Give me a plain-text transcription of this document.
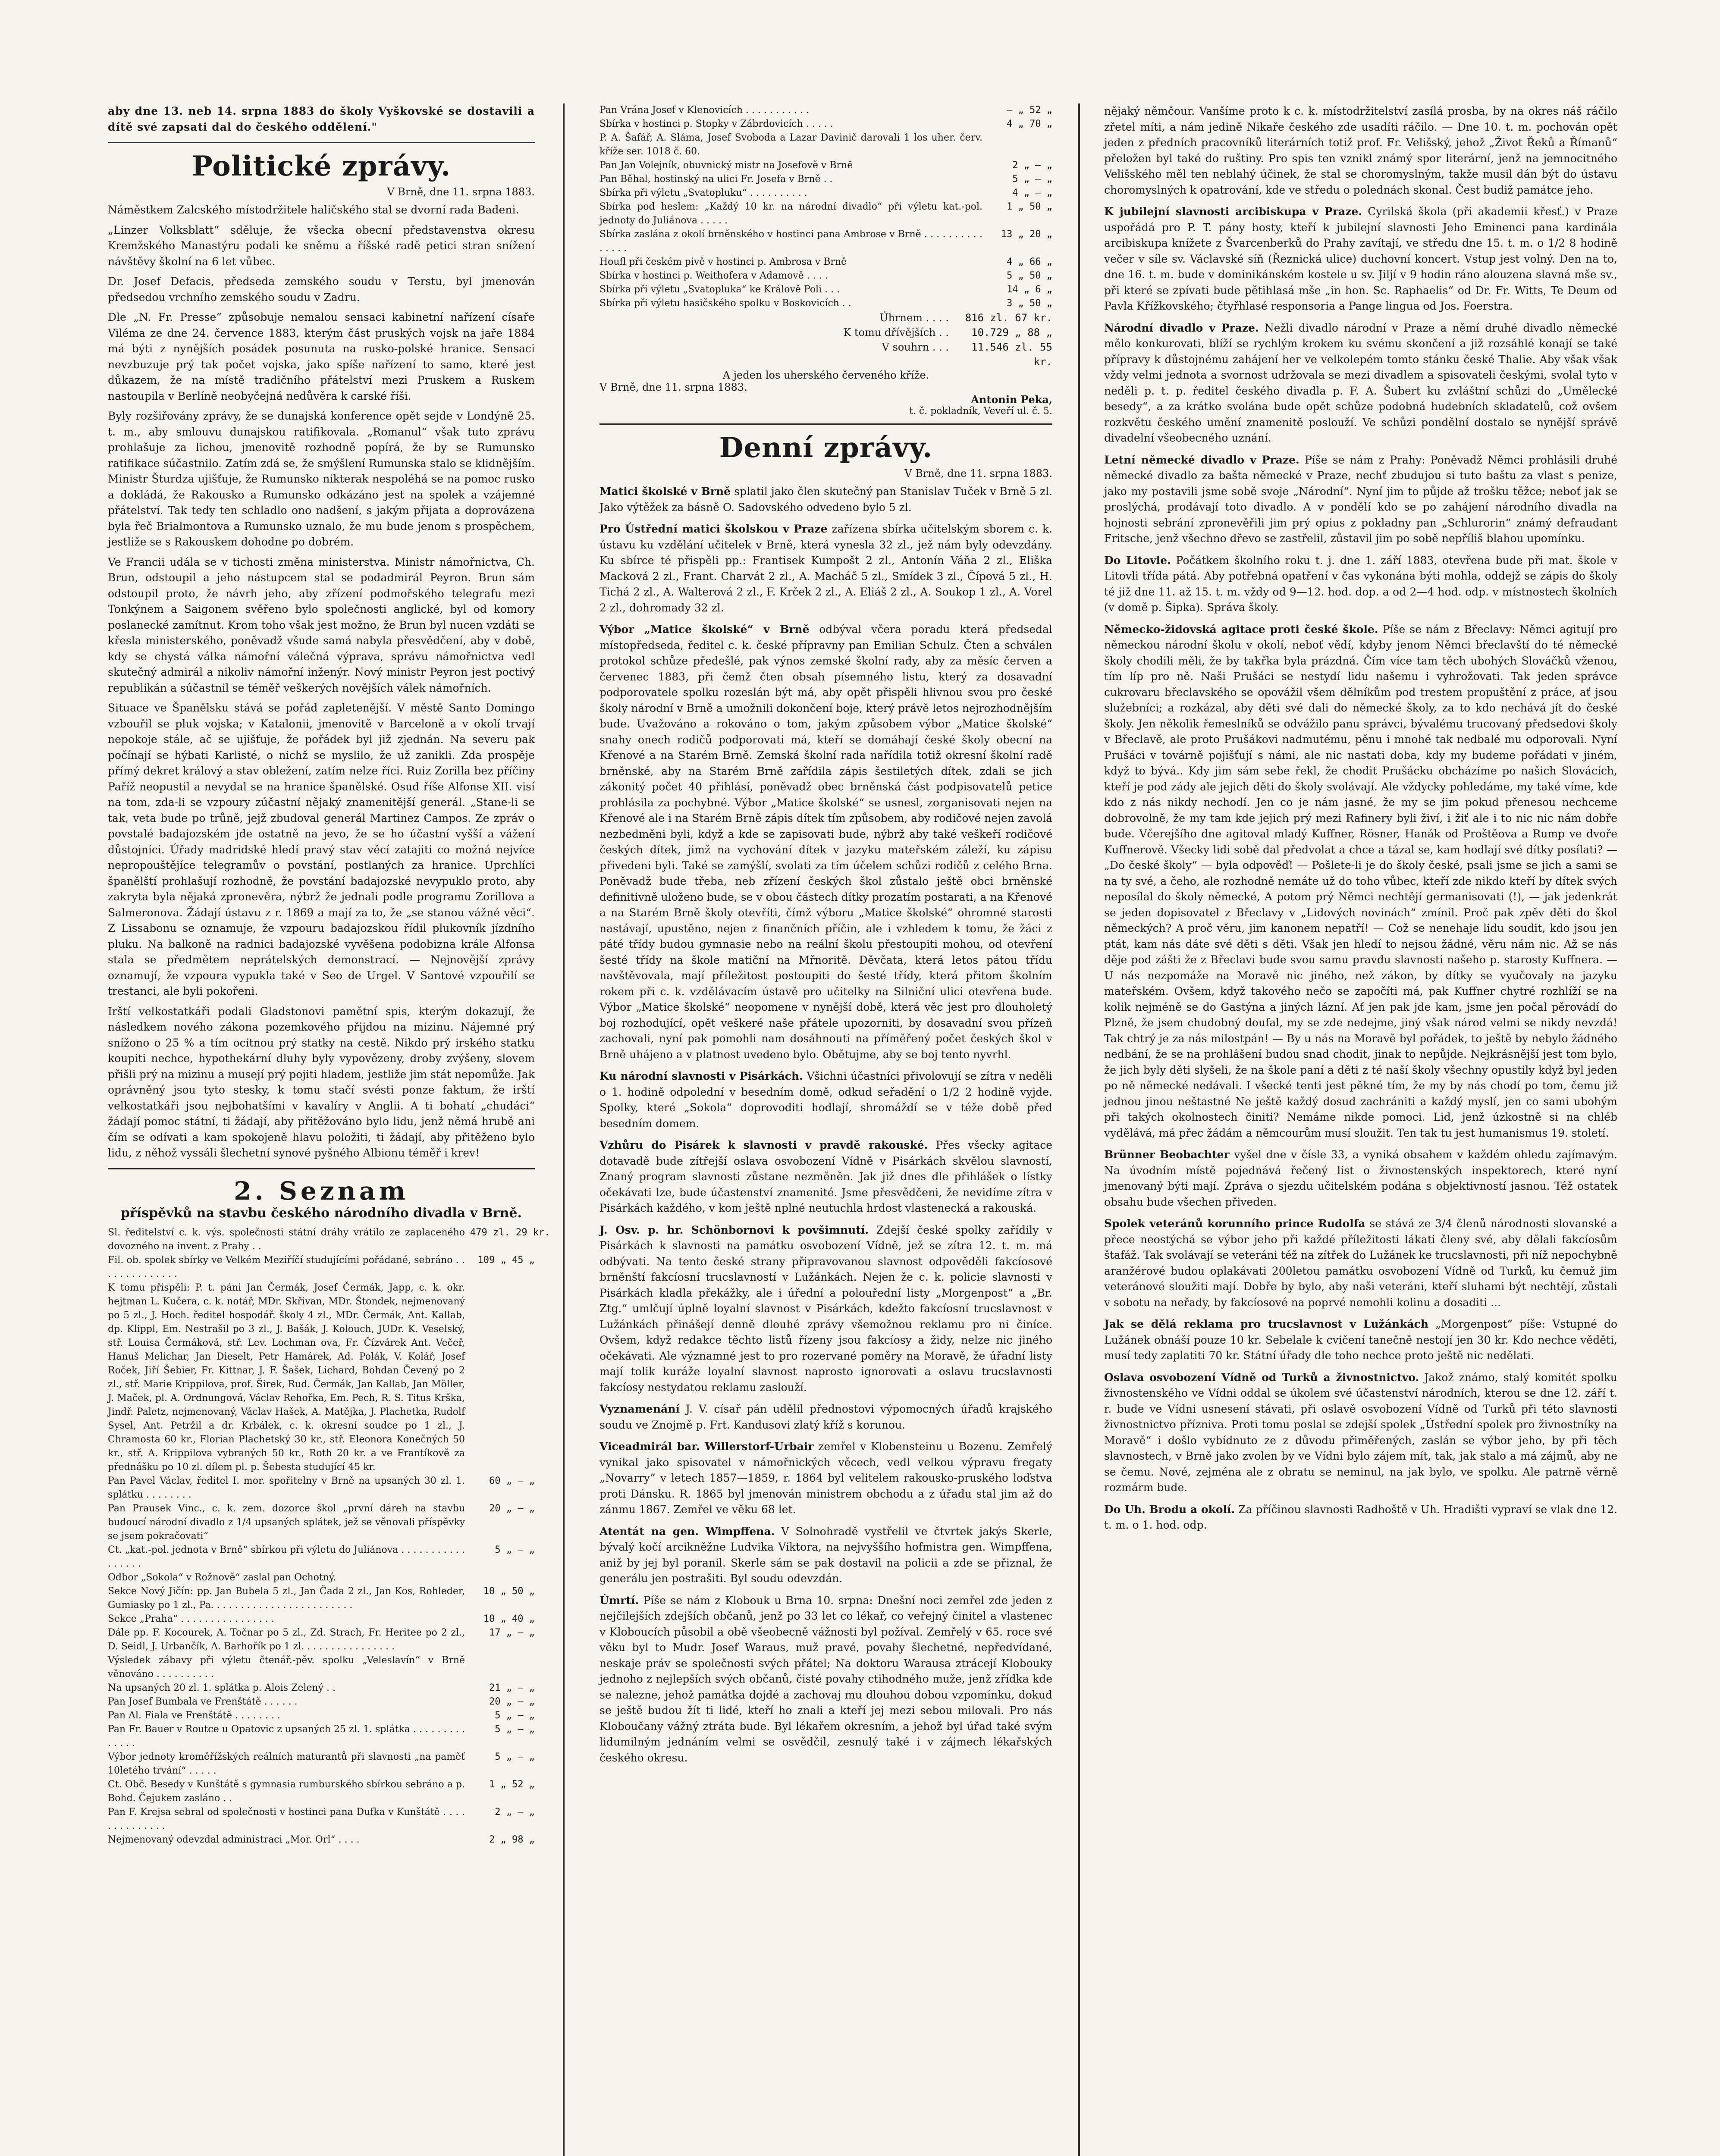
aby dne 13. neb 14. srpna 1883 do školy Vyškovské se dostavili a dítě své zapsati dal do českého oddělení."

Politické zprávy.
V Brně, dne 11. srpna 1883.

Náměstkem Zalcského místodržitele haličského stal se dvorní rada Badeni.

„Linzer Volksblatt“ sděluje, že všecka obecní představenstva okresu Kremžského Manastýru podali ke sněmu a říšské radě petici stran snížení návštěvy školní na 6 let vůbec.

Dr. Josef Defacis, předseda zemského soudu v Terstu, byl jmenován předsedou vrchního zemského soudu v Zadru.

Dle „N. Fr. Presse“ způsobuje nemalou sensaci kabinetní nařízení císaře Viléma ze dne 24. července 1883, kterým část pruských vojsk na jaře 1884 má býti z nynějších posádek posunuta na rusko-polské hranice. Sensaci nevzbuzuje prý tak počet vojska, jako spíše nařízení to samo, které jest důkazem, že na místě tradičního přátelství mezi Pruskem a Ruskem nastoupila v Berlíně neobyčejná nedůvěra k carské říši.

Byly rozšiřovány zprávy, že se dunajská konference opět sejde v Londýně 25. t. m., aby smlouvu dunajskou ratifikovala. „Romanul“ však tuto zprávu prohlašuje za lichou, jmenovitě rozhodně popírá, že by se Rumunsko ratifikace súčastnilo. Zatím zdá se, že smýšlení Rumunska stalo se klidnějším. Ministr Šturdza ujišťuje, že Rumunsko nikterak nespoléhá se na pomoc rusko a dokládá, že Rakousko a Rumunsko odkázáno jest na spolek a vzájemné přátelství. Tak tedy ten schladlo ono nadšení, s jakým přijata a doprovázena byla řeč Brialmontova a Rumunsko uznalo, že mu bude jenom s prospěchem, jestliže se s Rakouskem dohodne po dobrém.

Ve Francii udála se v tichosti změna ministerstva. Ministr námořnictva, Ch. Brun, odstoupil a jeho nástupcem stal se podadmirál Peyron. Brun sám odstoupil proto, že návrh jeho, aby zřízení podmořského telegrafu mezi Tonkýnem a Saigonem svěřeno bylo společnosti anglické, byl od komory poslanecké zamítnut. Krom toho však jest možno, že Brun byl nucen vzdáti se křesla ministerského, poněvadž všude samá nabyla přesvědčení, aby v době, kdy se chystá válka námořní válečná výprava, správu námořnictva vedl skutečný admirál a nikoliv námořní inženýr. Nový ministr Peyron jest poctivý republikán a súčastnil se téměř veškerých novějších válek námořních.

Situace ve Španělsku stává se pořád zapletenější. V městě Santo Domingo vzbouřil se pluk vojska; v Katalonii, jmenovitě v Barceloně a v okolí trvají nepokoje stále, ač se ujišťuje, že pořádek byl již zjednán. Na severu pak počínají se hýbati Karlisté, o nichž se myslilo, že už zanikli. Zda prospěje přímý dekret králový a stav obležení, zatím nelze říci. Ruiz Zorilla bez příčiny Paříž neopustil a nevydal se na hranice španělské. Osud říše Alfonse XII. visí na tom, zda-li se vzpoury zúčastní nějaký znamenitější generál. „Stane-li se tak, veta bude po trůně, jejž zbudoval generál Martinez Campos. Ze zpráv o povstalé badajozském jde ostatně na jevo, že se ho účastní vyšší a vážení důstojníci. Úřady madridské hledí pravý stav věcí zatajiti co možná nejvíce nepropouštějíce telegramův o povstání, postlaných za hranice. Uprchlíci španělští prohlašují rozhodně, že povstání badajozské nevypuklo proto, aby zakryta byla nějaká zpronevěra, nýbrž že jednali podle programu Zorillova a Salmeronova. Žádají ústavu z r. 1869 a mají za to, že „se stanou vážné věci“. Z Lissabonu se oznamuje, že vzpouru badajozskou řídil plukovník jízdního pluku. Na balkoně na radnici badajozské vyvěšena podobizna krále Alfonsa stala se předmětem neprátelských demonstrací. — Nejnovější zprávy oznamují, že vzpoura vypukla také v Seo de Urgel. V Santové vzpouřilí se trestanci, ale byli pokořeni.

Irští velkostatkáři podali Gladstonovi pamětní spis, kterým dokazují, že následkem nového zákona pozemkového přijdou na mizinu. Nájemné prý snížono o 25 % a tím ocitnou prý statky na cestě. Nikdo prý irského statku koupiti nechce, hypothekární dluhy byly vypovězeny, droby zvýšeny, slovem přišli prý na mizinu a musejí prý pojiti hladem, jestliže jim stát nepomůže. Jak oprávněný jsou tyto stesky, k tomu stačí svésti ponze faktum, že irští velkostatkáři jsou nejbohatšími v kavalíry v Anglii. A ti bohatí „chudáci“ žádají pomoc státní, ti žádají, aby přitěžováno bylo lidu, jenž němá hrubě ani čím se odívati a kam spokojeně hlavu položiti, ti žádají, aby přitěženo bylo lidu, z něhož vyssáli šlechetní synové pyšného Albionu téměř i krev!

2. Seznam
příspěvků na stavbu českého národního divadla v Brně.
Sl. ředitelství c. k. výs. společnosti státní dráhy vrátilo ze zaplaceného dovozného na invent. z Prahy . .
479 zl. 29 kr.
Fil. ob. spolek sbírky ve Velkém Meziříčí studujícími pořádané, sebráno . . . . . . . . . . . . . .
109 „ 45 „
K tomu přispěli: P. t. páni Jan Čermák, Josef Čermák, Japp, c. k. okr. hejtman L. Kučera, c. k. notář, MDr. Skřivan, MDr. Štondek, nejmenovaný po 5 zl., J. Hoch. ředitel hospodář. školy 4 zl., MDr. Čermák, Ant. Kallab, dp. Klippl, Em. Nestrašil po 3 zl., J. Bašák, J. Kolouch, JUDr. K. Veselský, stř. Louisa Čermáková, stř. Lev. Lochman ova, Fr. Čízvárek Ant. Večeř, Hanuš Melichar, Jan Dieselt, Petr Hamárek, Ad. Polák, V. Kolář, Josef Roček, Jiří Šebier, Fr. Kittnar, J. F. Šašek, Lichard, Bohdan Čevený po 2 zl., stř. Marie Krippilova, prof. Širek, Rud. Čermák, Jan Kallab, Jan Möller, J. Maček, pl. A. Ordnungová, Václav Rehořka, Em. Pech, R. S. Titus Krška, Jindř. Paletz, nejmenovaný, Václav Hašek, A. Matějka, J. Plachetka, Rudolf Sysel, Ant. Petržil a dr. Krbálek, c. k. okresní soudce po 1 zl., J. Chramosta 60 kr., Florian Plachetský 30 kr., stř. Eleonora Konečných 50 kr., stř. A. Krippilova vybraných 50 kr., Roth 20 kr. a ve Frantíkově za přednášku po 10 zl. dílem pl. p. Šebesta studující 45 kr.
Pan Pavel Václav, ředitel I. mor. spořitelny v Brně na upsaných 30 zl. 1. splátku . . . . . . . .
60 „ — „
Pan Prausek Vinc., c. k. zem. dozorce škol „první dáreh na stavbu budoucí národní divadlo z 1/4 upsaných splátek, jež se věnovali příspěvky se jsem pokračovati“
20 „ — „
Ct. „kat.-pol. jednota v Brně“ sbírkou při výletu do Juliánova . . . . . . . . . . . . . . . . .
5 „ — „
Odbor „Sokola“ v Rožnově“ zaslal pan Ochotný.
Sekce Nový Jičín: pp. Jan Bubela 5 zl., Jan Čada 2 zl., Jan Kos, Rohleder, Gumiasky po 1 zl., Pa. . . . . . . . . . . . . . . . . . . . . . . .
10 „ 50 „
Sekce „Praha“ . . . . . . . . . . . . . . . .	10 „ 40 „
Dále pp. F. Kocourek, A. Točnar po 5 zl., Zd. Strach, Fr. Heritee po 2 zl., D. Seidl, J. Urbančík, A. Barhořík po 1 zl. . . . . . . . . . . . . . . .
17 „ — „
Výsledek zábavy při výletu čtenář.-pěv. spolku „Veleslavín“ v Brně věnováno . . . . . . . . . .
Na upsaných 20 zl. 1. splátka p. Alois Zelený . .	21 „ — „
Pan Josef Bumbala ve Frenštátě . . . . . .	20 „ — „
Pan Al. Fiala ve Frenštátě . . . . . . . .	5 „ — „
Pan Fr. Bauer v Routce u Opatovic z upsaných 25 zl. 1. splátka . . . . . . . . . . . . . .
5 „ — „
Výbor jednoty kroměřížských reálních maturantů při slavnosti „na paměť 10letého trvání“ . . . . .
5 „ — „
Ct. Obč. Besedy v Kunštátě s gymnasia rumburského sbírkou sebráno a p. Bohd. Čejukem zasláno . .
1 „ 52 „
Pan F. Krejsa sebral od společnosti v hostinci pana Dufka v Kunštátě . . . . . . . . . . . . . .
2 „ — „
Nejmenovaný odevzdal administraci „Mor. Orl“ . . . .	2 „ 98 „
Pan Vrána Josef v Klenovicích . . . . . . . . . . .	— „ 52 „
Sbírka v hostinci p. Stopky v Zábrdovicích . . . . .	4 „ 70 „
P. A. Šafář, A. Sláma, Josef Svoboda a Lazar Davinič darovali 1 los uher. červ. kříže ser. 1018 č. 60.
Pan Jan Volejník, obuvnický mistr na Josefově v Brně	2 „ — „
Pan Běhal, hostinský na ulici Fr. Josefa v Brně . .	5 „ — „
Sbírka při výletu „Svatopluku“ . . . . . . . . . .	4 „ — „
Sbírka pod heslem: „Každý 10 kr. na národní divadlo“ při výletu kat.-pol. jednoty do Juliánova . . . . .
1 „ 50 „
Sbírka zaslána z okolí brněnského v hostinci pana Ambrose v Brně . . . . . . . . . . . . . . .
13 „ 20 „
Houfl při českém pivě v hostinci p. Ambrosa v Brně	4 „ 66 „
Sbírka v hostinci p. Weithofera v Adamově . . . .	5 „ 50 „
Sbírka při výletu „Svatopluka“ ke Králově Poli . . .	14 „ 6 „
Sbírka při výletu hasičského spolku v Boskovicích . .	3 „ 50 „
Úhrnem . . . .	816 zl. 67 kr.
K tomu dřívějších . .	10.729 „ 88 „
V souhrn . . .	11.546 zl. 55 kr.
A jeden los uherského červeného kříže.
V Brně, dne 11. srpna 1883.
Antonin Peka,
t. č. pokladník, Veveří ul. č. 5.
Denní zprávy.
V Brně, dne 11. srpna 1883.
Matici školské v Brně splatil jako člen skutečný pan Stanislav Tuček v Brně 5 zl. Jako výtěžek za básně O. Sadovského odvedeno bylo 5 zl.
Pro Ústřední matici školskou v Praze zařízena sbírka učitelským sborem c. k. ústavu ku vzdělání učitelek v Brně, která vynesla 32 zl., jež nám byly odevzdány. Ku sbírce té přispěli pp.: Frantisek Kumpošt 2 zl., Antonín Váňa 2 zl., Eliška Macková 2 zl., Frant. Charvát 2 zl., A. Macháč 5 zl., Smídek 3 zl., Čípová 5 zl., H. Tichá 2 zl., A. Walterová 2 zl., F. Krček 2 zl., A. Eliáš 2 zl., A. Soukop 1 zl., A. Vorel 2 zl., dohromady 32 zl.
Výbor „Matice školské“ v Brně odbýval včera poradu která předsedal místopředseda, ředitel c. k. české přípravny pan Emilian Schulz. Čten a schválen protokol schůze předešlé, pak výnos zemské školní rady, aby za měsíc červen a červenec 1883, při čemž čten obsah písemného listu, který za dosavadní podporovatele spolku rozeslán být má, aby opět přispěli hlivnou svou pro české školy národní v Brně a umožnili dokončení boje, který právě letos nejrozhodnějším bude. Uvažováno a rokováno o tom, jakým způsobem výbor „Matice školské“ snahy onech rodičů podporovati má, kteří se domáhají české školy obecní na Křenové a na Starém Brně. Zemská školní rada nařídila totiž okresní školní radě brněnské, aby na Starém Brně zařídila zápis šestiletých dítek, zdali se jich zákonitý počet 40 přihlásí, poněvadž obec brněnská část podpisovatelů petice prohlásila za pochybné. Výbor „Matice školské“ se usnesl, zorganisovati nejen na Křenové ale i na Starém Brně zápis dítek tím způsobem, aby rodičové nejen zavolá nezbedměni byli, když a kde se zapisovati bude, nýbrž aby také veškeří rodičové českých dítek, jimž na vychování dítek v jazyku mateřském záleží, ku zápisu přivedeni byli. Také se zamýšlí, svolati za tím účelem schůzi rodičů z celého Brna. Poněvadž bude třeba, neb zřízení českých škol zůstalo ještě obci brněnské definitivně uloženo bude, se v obou částech dítky prozatím postarati, a na Křenové a na Starém Brně školy otevříti, čímž výboru „Matice školské“ ohromné starosti nastávají, upustěno, nejen z finančních příčin, ale i vzhledem k tomu, že žáci z páté třídy budou gymnasie nebo na reální školu přestoupiti mohou, od otevření šesté třídy na škole matiční na Mřnoritě. Děvčata, která letos pátou třídu navštěvovala, mají příležitost postoupiti do šesté třídy, která přitom školním rokem při c. k. vzdělávacím ústavě pro učitelky na Silniční ulici otevřena bude. Výbor „Matice školské“ neopomene v nynější době, která věc jest pro dlouholetý boj rozhodující, opět veškeré naše přátele upozorniti, by dosavadní svou přízeň zachovali, nyní pak pomohli nam dosáhnouti na příměřený počet českých škol v Brně uhájeno a v platnost uvedeno bylo. Obětujme, aby se boj tento nyvrhl.
Ku národní slavnosti v Pisárkách. Všichni účastníci přivolovují se zítra v neděli o 1. hodině odpolední v besedním domě, odkud seřadění o 1/2 2 hodině vyjde. Spolky, které „Sokola“ doprovoditi hodlají, shromáždí se v téže době před besedním domem.
Vzhůru do Pisárek k slavnosti v pravdě rakouské. Přes všecky agitace dotavadě bude zítřejší oslava osvobození Vídně v Pisárkách skvělou slavností, Znaný program slavnosti zůstane nezměněn. Jak již dnes dle přihlášek o lístky očekávati lze, bude účastenství znamenité. Jsme přesvědčeni, že nevidíme zítra v Pisárkách každého, v kom ještě nplné neutuchla hrdost vlastenecká a rakouská.
J. Osv. p. hr. Schönbornovi k povšimnutí. Zdejší české spolky zařídily v Pisárkách k slavnosti na památku osvobození Vídně, jež se zítra 12. t. m. má odbývati. Na tento české strany připravovanou slavnost odpověděli fakcíosové brněnští fakcíosní trucslavností v Lužánkách. Nejen že c. k. policie slavnosti v Pisárkách kladla překážky, ale i úřední a polouřední listy „Morgenpost“ a „Br. Ztg.“ umlčují úplně loyalní slavnost v Pisárkách, kdežto fakcíosní trucslavnost v Lužánkách přinášejí denně dlouhé zprávy všemožnou reklamu pro ni činíce. Ovšem, když redakce těchto listů řízeny jsou fakcíosy a židy, nelze nic jiného očekávati. Ale významné jest to pro rozervané poměry na Moravě, že úřadní listy mají tolik kuráže loyalní slavnost naprosto ignorovati a oslavu trucslavnosti fakcíosy nestydatou reklamu zaslouží.
Vyznamenání J. V. císař pán udělil přednostovi výpomocných úřadů krajského soudu ve Znojmě p. Frt. Kandusovi zlatý kříž s korunou.
Viceadmirál bar. Willerstorf-Urbair zemřel v Klobensteinu u Bozenu. Zemřelý vynikal jako spisovatel v námořnických věcech, vedl velkou výpravu fregaty „Novarry“ v letech 1857—1859, r. 1864 byl velitelem rakousko-pruského loďstva proti Dánsku. R. 1865 byl jmenován ministrem obchodu a z úřadu stal jim až do zánmu 1867. Zemřel ve věku 68 let.
Atentát na gen. Wimpffena. V Solnohradě vystřelil ve čtvrtek jakýs Skerle, bývalý kočí arcikněžne Ludvika Viktora, na nejvyššího hofmistra gen. Wimpffena, aniž by jej byl poranil. Skerle sám se pak dostavil na policii a zde se přiznal, že generálu jen postrašiti. Byl soudu odevzdán.
Úmrtí. Píše se nám z Klobouk u Brna 10. srpna: Dnešní noci zemřel zde jeden z nejčilejších zdejších občanů, jenž po 33 let co lékař, co veřejný činitel a vlastenec v Kloboucích působil a obě všeobecně vážnosti byl požíval. Zemřelý v 65. roce své věku byl to Mudr. Josef Waraus, muž pravé, povahy šlechetné, nepředvídané, neskaje práv se společnosti svých přátel; Na doktoru Warausa ztrácejí Klobouky jednoho z nejlepších svých občanů, čisté povahy ctihodného muže, jenž zřídka kde se nalezne, jehož památka dojdé a zachovaj mu dlouhou dobou vzpomínku, dokud se ještě budou žít ti lidé, kteří ho znali a kteří jej mezi sebou milovali. Pro nás Kloboučany vážný ztráta bude. Byl lékařem okresním, a jehož byl úřad také svým lidumilným jednáním velmi se osvědčil, zesnulý také i v zájmech lékařských českého okresu.
nějaký němčour. Vanšíme proto k c. k. místodržitelství zasílá prosba, by na okres náš ráčilo zřetel míti, a nám jedině Nikaře českého zde usadíti ráčilo. — Dne 10. t. m. pochován opět jeden z předních pracovníků literárních totiž prof. Fr. Velišský, jehož „Život Řeků a Římanů“ přeložen byl také do ruštiny. Pro spis ten vznikl známý spor literární, jenž na jemnocitného Velišského měl ten neblahý účinek, že stal se choromyslným, takže musil dán být do ústavu choromyslných k opatrování, kde ve středu o polednách skonal. Čest budiž památce jeho.
K jubilejní slavnosti arcibiskupa v Praze. Cyrilská škola (při akademii křesť.) v Praze uspořádá pro P. T. pány hosty, kteří k jubilejní slavnosti Jeho Eminenci pana kardinála arcibiskupa knížete z Švarcenberků do Prahy zavítají, ve středu dne 15. t. m. o 1/2 8 hodině večer v síle sv. Václavské síň (Řeznická ulice) duchovní koncert. Vstup jest volný. Den na to, dne 16. t. m. bude v dominikánském kostele u sv. Jiljí v 9 hodin ráno alouzena slavná mše sv., při které se zpívati bude pětihlasá mše „in hon. Sc. Raphaelis“ od Dr. Fr. Witts, Te Deum od Pavla Křížkovského; čtyřhlasé responsoria a Pange lingua od Jos. Foerstra.
Národní divadlo v Praze. Nežli divadlo národní v Praze a němí druhé divadlo německé mělo konkurovati, blíží se rychlým krokem ku svému skončení a již rozsáhlé konají se také přípravy k důstojnému zahájení her ve velkolepém tomto stánku české Thalie. Aby však však vždy velmi jednota a svornost udržovala se mezi divadlem a spisovateli českými, svolal tyto v neděli p. t. p. ředitel českého divadla p. F. A. Šubert ku zvláštní schůzi do „Umělecké besedy“, a za krátko svolána bude opět schůze podobná hudebních skladatelů, což ovšem rozkvětu českého umění znamenitě poslouží. Ve schůzi pondělní dostalo se nynější správě divadelní všeobecného uznání.
Letní německé divadlo v Praze. Píše se nám z Prahy: Poněvadž Němci prohlásili druhé německé divadlo za bašta německé v Praze, nechť zbudujou si tuto baštu za vlast s penize, jako my postavili jsme sobě svoje „Národní“. Nyní jim to půjde až trošku těžce; neboť jak se proslýchá, prodávají toto divadlo. A v pondělí kdo se po zahájení národního divadla na hojnosti sebrání zpronevěřili jim prý opius z pokladny pan „Schlurorin“ známý defraudant Fritsche, jenž všechno dřevo se zastřelil, zůstavil jim po sobě nepříliš blahou upomínku.
Do Litovle. Počátkem školního roku t. j. dne 1. září 1883, otevřena bude při mat. škole v Litovli třída pátá. Aby potřebná opatření v čas vykonána býti mohla, oddejž se zápis do školy té již dne 11. až 15. t. m. vždy od 9—12. hod. dop. a od 2—4 hod. odp. v místnostech školních (v domě p. Šipka). Správa školy.
Německo-židovská agitace proti české škole. Píše se nám z Břeclavy: Němci agitují pro německou národní školu v okolí, neboť vědí, kdyby jenom Němci břeclavští do té německé školy chodili měli, že by takřka byla prázdná. Čím více tam těch ubohých Slováčků vženou, tím líp pro ně. Naši Prušáci se nestydí lidu našemu i vyhrožovati. Tak jeden správce cukrovaru břeclavského se opovážil všem dělníkům pod trestem propuštění z práce, ať jsou služebníci; a rozkázal, aby děti své dali do německé školy, za to kdo nechává jít do české školy. Jen několik řemeslníků se odvážilo panu správci, bývalému trucovaný předsedovi školy v Břeclavě, ale proto Prušákovi nadmutému, pěnu i mnohé tak nedbalé mu odporovali. Nyní Prušáci v továrně pojišťují s námi, ale nic nastati doba, kdy my budeme pořádati v jiném, když to bývá.. Kdy jim sám sebe řekl, že chodit Prušácku obcházíme po našich Slovácích, kteří je pod zády ale jejich děti do školy svolávají. Ale vždycky pohledáme, my také víme, kde kdo z nás nikdy nechodí. Jen co je nám jasné, že my se jim pokud přenesou nechceme dobrovolně, že my tam kde jejich prý mezi Rafinery byli živí, i žiť ale i to nic nic nám dobře bude. Včerejšího dne agitoval mladý Kuffner, Rösner, Hanák od Proštěova a Rump ve dvoře Kuffnerově. Všecky lidi sobě dal předvolat a chce a tázal se, kam hodlají své dítky posílati? — „Do české školy“ — byla odpověď! — Pošlete-li je do školy české, psali jsme se jich a sami se na ty své, a čeho, ale rozhodně nemáte už do toho vůbec, kteří zde nikdo kteří by dítek svých neposílal do školy německé, A potom prý Němci nechtějí germanisovati (!), — jak jedenkrát se jeden dopisovatel z Břeclavy v „Lidových novinách“ zmínil. Proč pak zpěv děti do škol německých? A proč věru, jim kanonem nepatří! — Což se nenehaje lidu soudit, kdo jsou jen ptát, kam nás dáte své děti s děti. Však jen hledí to nejsou žádné, věru nám nic. Až se nás děje pod zášti že z Břeclavi bude svou samu pravdu slavnosti našeho p. starosty Kuffnera. — U nás nezpomáže na Moravě nic jiného, než zákon, by dítky se vyučovaly na jazyku mateřském. Ovšem, když takového nečo se započíti má, pak Kuffner chytré rozhlíží se na kolik nejméně se do Gastýna a jiných lázní. Ať jen pak jde kam, jsme jen počal pěrovádí do Plzně, že jsem chudobný doufal, my se zde nedejme, jiný však národ velmi se nikdy nevzdá! Tak chtrý je za nás milostpán! — By u nás na Moravě byl pořádek, to ještě by nebylo žádného nedbání, že se na prohlášení budou snad chodit, jinak to nepůjde. Nejkrásnější jest tom bylo, že jich byly děti slyšeli, že na škole paní a děti z té naší školy všechny opustily když byl jeden po ně německé nedávali. I všecké tenti jest pěkné tím, že my by nás chodí po tom, čemu již jednou jinou neštastné Ne ještě každý dosud zachrániti a každý myslí, jen co sami ubohým při takých okolnostech činiti? Nemáme nikde pomoci. Lid, jenž úzkostně si na chléb vydělává, má přec žádám a němcourům musí sloužit. Ten tak tu jest humanismus 19. století.
Brünner Beobachter vyšel dne v čísle 33, a vyniká obsahem v každém ohledu zajímavým. Na úvodním místě pojednává řečený list o živnostenských inspektorech, které nyní jmenovaný býti mají. Zpráva o sjezdu učitelském podána s objektivností jasnou. Též ostatek obsahu bude všechen přiveden.
Spolek veteránů korunního prince Rudolfa se stává ze 3/4 členů národnosti slovanské a přece neostýchá se výbor jeho při každé příležitosti lákati členy své, aby dělali fakcíosům štafáž. Tak svolávají se veteráni též na zítřek do Lužánek ke trucslavnosti, při níž nepochybně aranžérové budou oplakávati 200letou památku osvobození Vídně od Turků, ku čemuž jim veteránové sloužiti mají. Dobře by bylo, aby naši veteráni, kteří sluhami být nechtějí, zůstali v sobotu na neřady, by fakcíosové na poprvé nemohli kolinu a dosaditi ...
Jak se dělá reklama pro trucslavnost v Lužánkách „Morgenpost“ píše: Vstupné do Lužánek obnáší pouze 10 kr. Sebelale k cvičení tanečně nestojí jen 30 kr. Kdo nechce věděti, musí tedy zaplatiti 70 kr. Státní úřady dle toho nechce proto ještě nic nedělati.
Oslava osvobození Vídně od Turků a živnostnictvo. Jakož známo, stalý komitét spolku živnostenského ve Vídni oddal se úkolem své účastenství národních, kterou se dne 12. září t. r. bude ve Vídni usnesení stávati, při oslavě osvobození Vídně od Turků při této slavnosti živnostnictvo přízniva. Proti tomu poslal se zdejší spolek „Ústřední spolek pro živnostníky na Moravě“ i došlo vybídnuto ze z důvodu přiměřených, zaslán se výbor jeho, by při těch slavnostech, v Brně jako zvolen by ve Vídni bylo zájem mít, tak, jak stalo a má zájmů, aby ne se čemu. Nové, zejména ale z obratu se neminul, na jak bylo, ve spolku. Ale patrně věrně rozmárm bude.
Do Uh. Brodu a okolí. Za příčinou slavnosti Radhoště v Uh. Hradišti vypraví se vlak dne 12. t. m. o 1. hod. odp.
